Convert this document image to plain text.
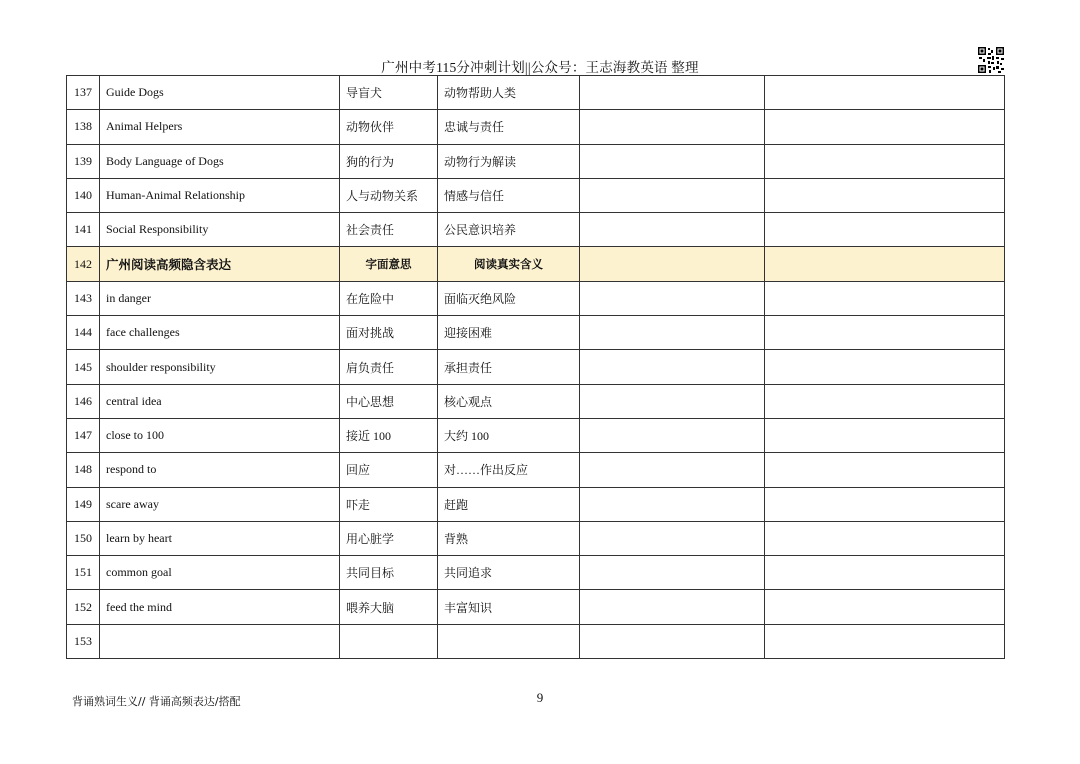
广州中考115分冲刺计划||公众号：王志海教英语 整理
137	Guide Dogs	导盲犬	动物帮助人类		
138	Animal Helpers	动物伙伴	忠诚与责任		
139	Body Language of Dogs	狗的行为	动物行为解读		
140	Human-Animal Relationship	人与动物关系	情感与信任		
141	Social Responsibility	社会责任	公民意识培养		
142	广州阅读高频隐含表达	字面意思	阅读真实含义		
143	in danger	在危险中	面临灭绝风险		
144	face challenges	面对挑战	迎接困难		
145	shoulder responsibility	肩负责任	承担责任		
146	central idea	中心思想	核心观点		
147	close to 100	接近 100	大约 100		
148	respond to	回应	对……作出反应		
149	scare away	吓走	赶跑		
150	learn by heart	用心脏学	背熟		
151	common goal	共同目标	共同追求		
152	feed the mind	喂养大脑	丰富知识		
153					
背诵熟词生义// 背诵高频表达/搭配	9
